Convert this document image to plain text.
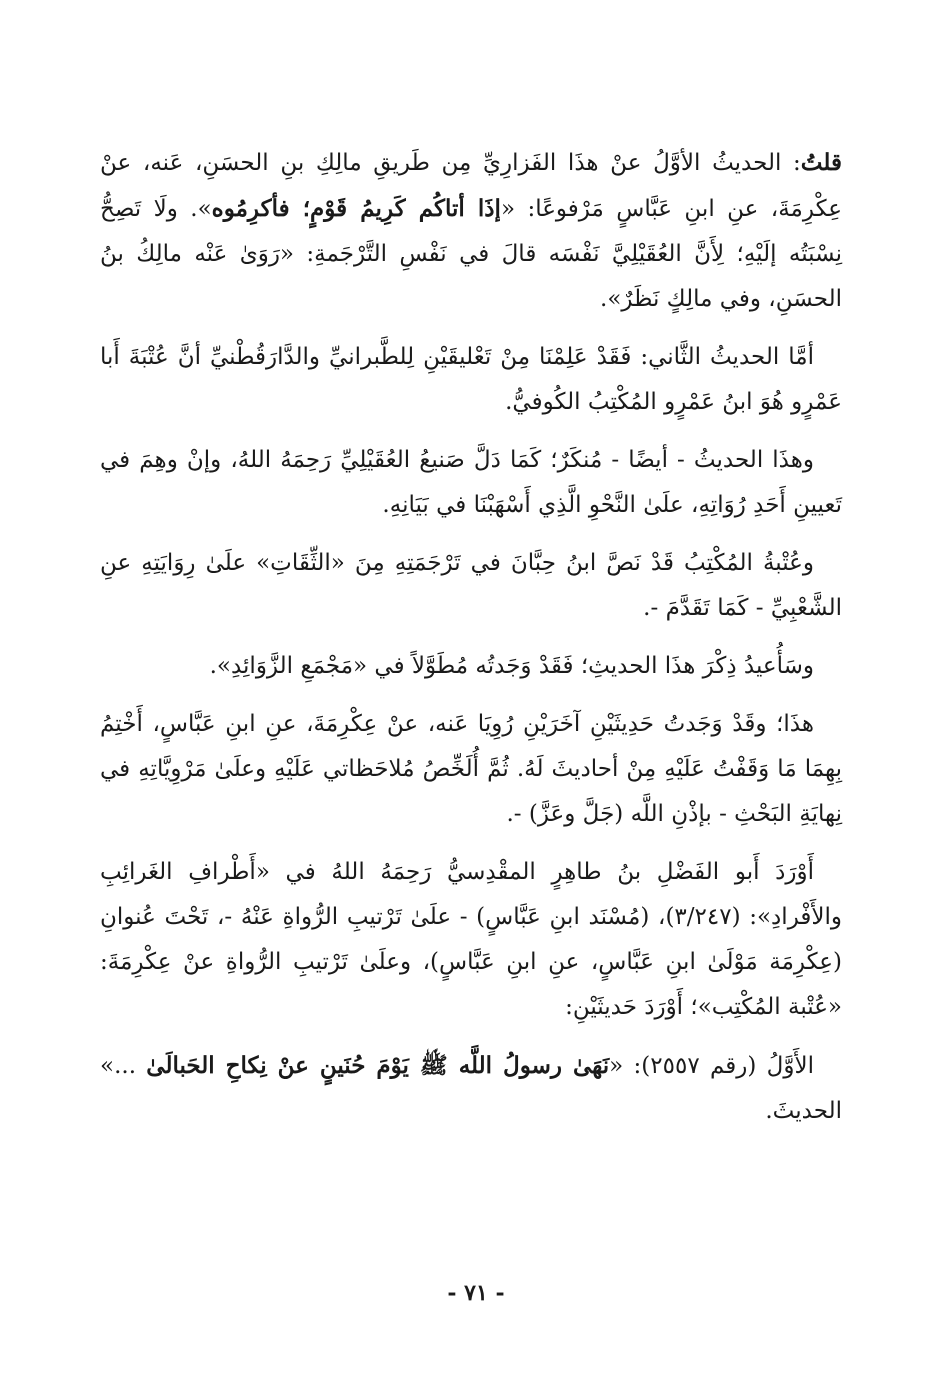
قلتُ: الحديثُ الأوَّلُ عنْ هذَا الفَزارِيِّ مِن طَريقِ مالِكِ بنِ الحسَنِ، عَنه، عنْ عِكْرِمَةَ، عنِ ابنِ عَبَّاسٍ مَرْفوعًا: «إذَا أتاكُم كَرِيمُ قَوْمٍ؛ فأكرِمُوه». ولَا تَصِحُّ نِسْبَتُه إلَيْهِ؛ لِأَنَّ العُقَيْلِيَّ نَفْسَه قالَ في نَفْسِ التَّرْجَمةِ: «رَوَىٰ عَنْه مالِكُ بنُ الحسَنِ، وفي مالِكٍ نَظَرٌ».

أمَّا الحديثُ الثَّاني: فَقَدْ عَلِمْنَا مِنْ تَعْليقَيْنِ لِلطَّبرانيِّ والدَّارَقُطْنيِّ أنَّ عُتْبَةَ أَبا عَمْرٍو هُوَ ابنُ عَمْرٍو المُكْتِبُ الكُوفيُّ.

وهذَا الحديثُ - أيضًا - مُنكَرٌ؛ كَمَا دَلَّ صَنيعُ العُقَيْلِيِّ رَحِمَهُ اللهُ، وإنْ وهِمَ في تَعيينِ أَحَدِ رُوَاتِهِ، علَىٰ النَّحْوِ الَّذِي أَسْهَبْنَا في بَيَانِهِ.

وعُتْبةُ المُكْتِبُ قَدْ نَصَّ ابنُ حِبَّانَ في تَرْجَمَتِهِ مِنَ «الثِّقَاتِ» علَىٰ رِوَايَتِهِ عنِ الشَّعْبِيِّ - كَمَا تَقَدَّمَ -.

وسَأُعيدُ ذِكْرَ هذَا الحديثِ؛ فَقَدْ وَجَدتُه مُطَوَّلاً في «مَجْمَعِ الزَّوَائِدِ».

هذَا؛ وقَدْ وَجَدتُ حَدِيثَيْنِ آخَرَيْنِ رُوِيَا عَنه، عنْ عِكْرِمَةَ، عنِ ابنِ عَبَّاسٍ، أَخْتِمُ بِهِمَا مَا وَقَفْتُ عَلَيْهِ مِنْ أحاديثَ لَهُ. ثُمَّ أُلَخِّصُ مُلاحَظاتي عَلَيْهِ وعلَىٰ مَرْوِيَّاتِهِ في نِهايَةِ البَحْثِ - بإذْنِ اللَّه (جَلَّ وعَزَّ) -.

أَوْرَدَ أَبو الفَضْلِ بنُ طاهِرٍ المقْدِسيُّ رَحِمَهُ اللهُ في «أَطْرافِ الغَرائِبِ والأَفْرادِ»: (٣/٢٤٧)، (مُسْنَد ابنِ عَبَّاسٍ) - علَىٰ تَرْتيبِ الرُّواةِ عَنْهُ -، تَحْتَ عُنوانِ (عِكْرِمَة مَوْلَىٰ ابنِ عَبَّاسٍ، عنِ ابنِ عَبَّاسٍ)، وعلَىٰ تَرْتيبِ الرُّواةِ عنْ عِكْرِمَةَ: «عُتْبة المُكْتِب»؛ أَوْرَدَ حَديثَيْنِ:

الأَوَّلُ (رقم ٢٥٥٧): «نَهَىٰ رسولُ اللَّه ﷺ يَوْمَ حُنَينٍ عنْ نِكاحِ الحَبالَىٰ ...» الحديثَ.

- ٧١ -
